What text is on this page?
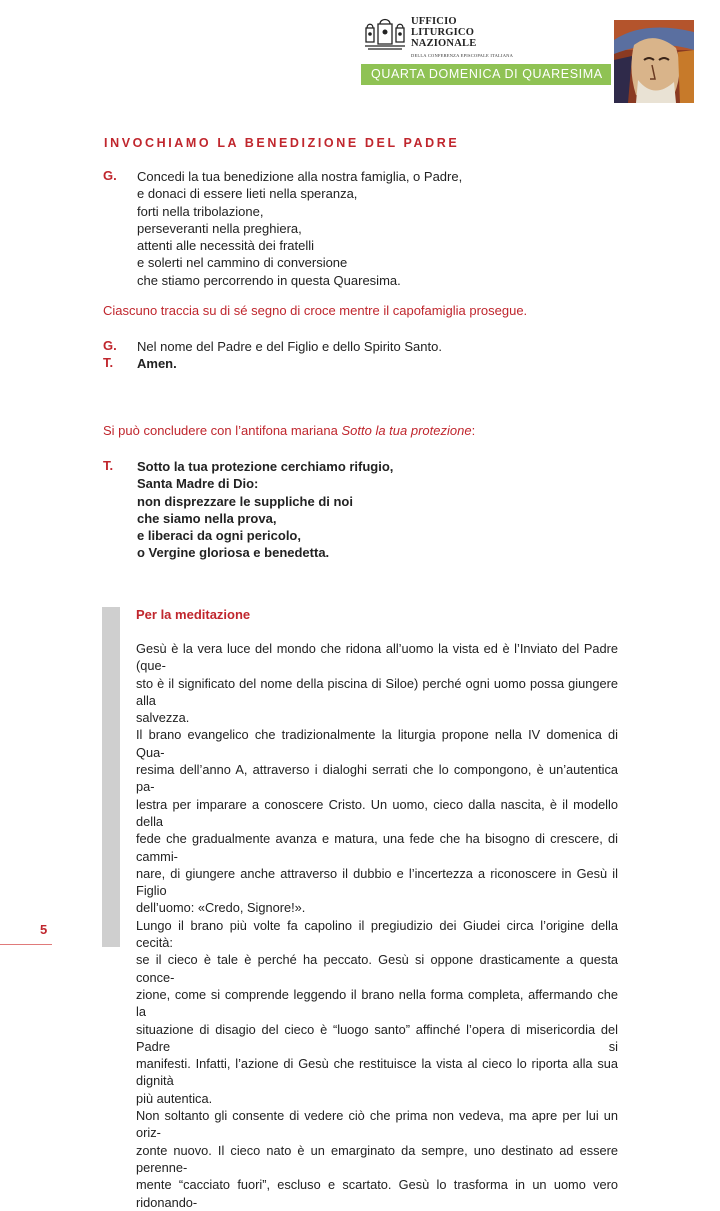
UFFICIO
LITURGICO
NAZIONALE
DELLA CONFERENZA EPISCOPALE ITALIANA
QUARTA DOMENICA DI QUARESIMA
INVOCHIAMO LA BENEDIZIONE DEL PADRE
G. Concedi la tua benedizione alla nostra famiglia, o Padre,
e donaci di essere lieti nella speranza,
forti nella tribolazione,
perseveranti nella preghiera,
attenti alle necessità dei fratelli
e solerti nel cammino di conversione
che stiamo percorrendo in questa Quaresima.
Ciascuno traccia su di sé segno di croce mentre il capofamiglia prosegue.
G. Nel nome del Padre e del Figlio e dello Spirito Santo.
T. Amen.
Si può concludere con l’antifona mariana Sotto la tua protezione:
T. Sotto la tua protezione cerchiamo rifugio,
Santa Madre di Dio:
non disprezzare le suppliche di noi
che siamo nella prova,
e liberaci da ogni pericolo,
o Vergine gloriosa e benedetta.
Per la meditazione
Gesù è la vera luce del mondo che ridona all’uomo la vista ed è l’Inviato del Padre (que-
sto è il significato del nome della piscina di Siloe) perché ogni uomo possa giungere alla
salvezza.
Il brano evangelico che tradizionalmente la liturgia propone nella IV domenica di Qua-
resima dell’anno A, attraverso i dialoghi serrati che lo compongono, è un’autentica pa-
lestra per imparare a conoscere Cristo. Un uomo, cieco dalla nascita, è il modello della
fede che gradualmente avanza e matura, una fede che ha bisogno di crescere, di cammi-
nare, di giungere anche attraverso il dubbio e l’incertezza a riconoscere in Gesù il Figlio
dell’uomo: «Credo, Signore!».
Lungo il brano più volte fa capolino il pregiudizio dei Giudei circa l’origine della cecità:
se il cieco è tale è perché ha peccato. Gesù si oppone drasticamente a questa conce-
zione, come si comprende leggendo il brano nella forma completa, affermando che la
situazione di disagio del cieco è “luogo santo” affinché l’opera di misericordia del Padre si
manifesti. Infatti, l’azione di Gesù che restituisce la vista al cieco lo riporta alla sua dignità
più autentica.
Non soltanto gli consente di vedere ciò che prima non vedeva, ma apre per lui un oriz-
zonte nuovo. Il cieco nato è un emarginato da sempre, uno destinato ad essere perenne-
mente “cacciato fuori”, escluso e scartato. Gesù lo trasforma in un uomo vero ridonando-
5
